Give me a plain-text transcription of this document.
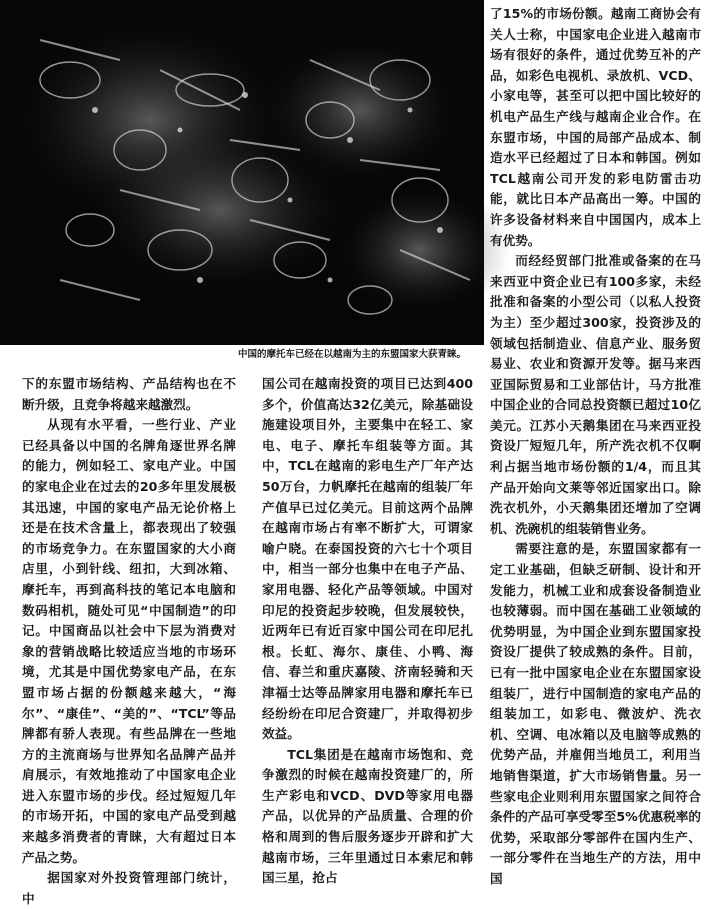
中国的摩托车已经在以越南为主的东盟国家大获青睐。

下的东盟市场结构、产品结构也在不断升级，且竞争将越来越激烈。

从现有水平看，一些行业、产业已经具备以中国的名牌角逐世界名牌的能力，例如轻工、家电产业。中国的家电企业在过去的20多年里发展极其迅速，中国的家电产品无论价格上还是在技术含量上，都表现出了较强的市场竞争力。在东盟国家的大小商店里，小到针线、纽扣，大到冰箱、摩托车，再到高科技的笔记本电脑和数码相机，随处可见“中国制造”的印记。中国商品以社会中下层为消费对象的营销战略比较适应当地的市场环境，尤其是中国优势家电产品，在东盟市场占据的份额越来越大，“海尔”、“康佳”、“美的”、“TCL”等品牌都有骄人表现。有些品牌在一些地方的主流商场与世界知名品牌产品并肩展示，有效地推动了中国家电企业进入东盟市场的步伐。经过短短几年的市场开拓，中国的家电产品受到越来越多消费者的青睐，大有超过日本产品之势。

据国家对外投资管理部门统计，中

国公司在越南投资的项目已达到400多个，价值高达32亿美元，除基础设施建设项目外，主要集中在轻工、家电、电子、摩托车组装等方面。其中，TCL在越南的彩电生产厂年产达50万台，力帆摩托在越南的组装厂年产值早已过亿美元。目前这两个品牌在越南市场占有率不断扩大，可谓家喻户晓。在泰国投资的六七十个项目中，相当一部分也集中在电子产品、家用电器、轻化产品等领域。中国对印尼的投资起步较晚，但发展较快，近两年已有近百家中国公司在印尼扎根。长虹、海尔、康佳、小鸭、海信、春兰和重庆嘉陵、济南轻骑和天津福士达等品牌家用电器和摩托车已经纷纷在印尼合资建厂，并取得初步效益。

TCL集团是在越南市场饱和、竞争激烈的时候在越南投资建厂的，所生产彩电和VCD、DVD等家用电器产品，以优异的产品质量、合理的价格和周到的售后服务逐步开辟和扩大越南市场，三年里通过日本索尼和韩国三星，抢占

了15%的市场份额。越南工商协会有关人士称，中国家电企业进入越南市场有很好的条件，通过优势互补的产品，如彩色电视机、录放机、VCD、小家电等，甚至可以把中国比较好的机电产品生产线与越南企业合作。在东盟市场，中国的局部产品成本、制造水平已经超过了日本和韩国。例如TCL越南公司开发的彩电防雷击功能，就比日本产品高出一筹。中国的许多设备材料来自中国国内，成本上有优势。

而经经贸部门批准或备案的在马来西亚中资企业已有100多家，未经批准和备案的小型公司（以私人投资为主）至少超过300家，投资涉及的领域包括制造业、信息产业、服务贸易业、农业和资源开发等。据马来西亚国际贸易和工业部估计，马方批准中国企业的合同总投资额已超过10亿美元。江苏小天鹅集团在马来西亚投资设厂短短几年，所产洗衣机不仅啊利占据当地市场份额的1/4，而且其产品开始向文莱等邻近国家出口。除洗衣机外，小天鹅集团还增加了空调机、洗碗机的组装销售业务。

需要注意的是，东盟国家都有一定工业基础，但缺乏研制、设计和开发能力，机械工业和成套设备制造业也较薄弱。而中国在基础工业领域的优势明显，为中国企业到东盟国家投资设厂提供了较成熟的条件。目前，已有一批中国家电企业在东盟国家设组装厂，进行中国制造的家电产品的组装加工，如彩电、微波炉、洗衣机、空调、电冰箱以及电脑等成熟的优势产品，并雇佣当地员工，利用当地销售渠道，扩大市场销售量。另一些家电企业则利用东盟国家之间符合条件的产品可享受零至5%优惠税率的优势，采取部分零部件在国内生产、一部分零件在当地生产的方法，用中国
